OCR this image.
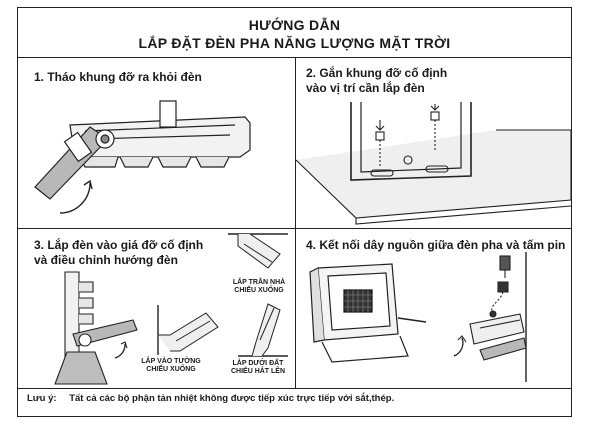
HƯỚNG DẪN
LẮP ĐẶT ĐÈN PHA NĂNG LƯỢNG MẶT TRỜI
1. Tháo khung đỡ ra khỏi đèn	2. Gắn khung đỡ cố định
vào vị trí cần lắp đèn
3. Lắp đèn vào giá đỡ cố định
và điều chỉnh hướng đèn
LẮP TRẦN NHÀ
CHIẾU XUỐNG
LẮP VÀO TƯỜNG
CHIẾU XUỐNG
LẮP DƯỚI ĐẤT
CHIẾU HẮT LÊN
4. Kết nối dây nguồn giữa đèn pha và tấm pin
Lưu ý: Tất cả các bộ phận tản nhiệt không được tiếp xúc trực tiếp với sắt,thép.
